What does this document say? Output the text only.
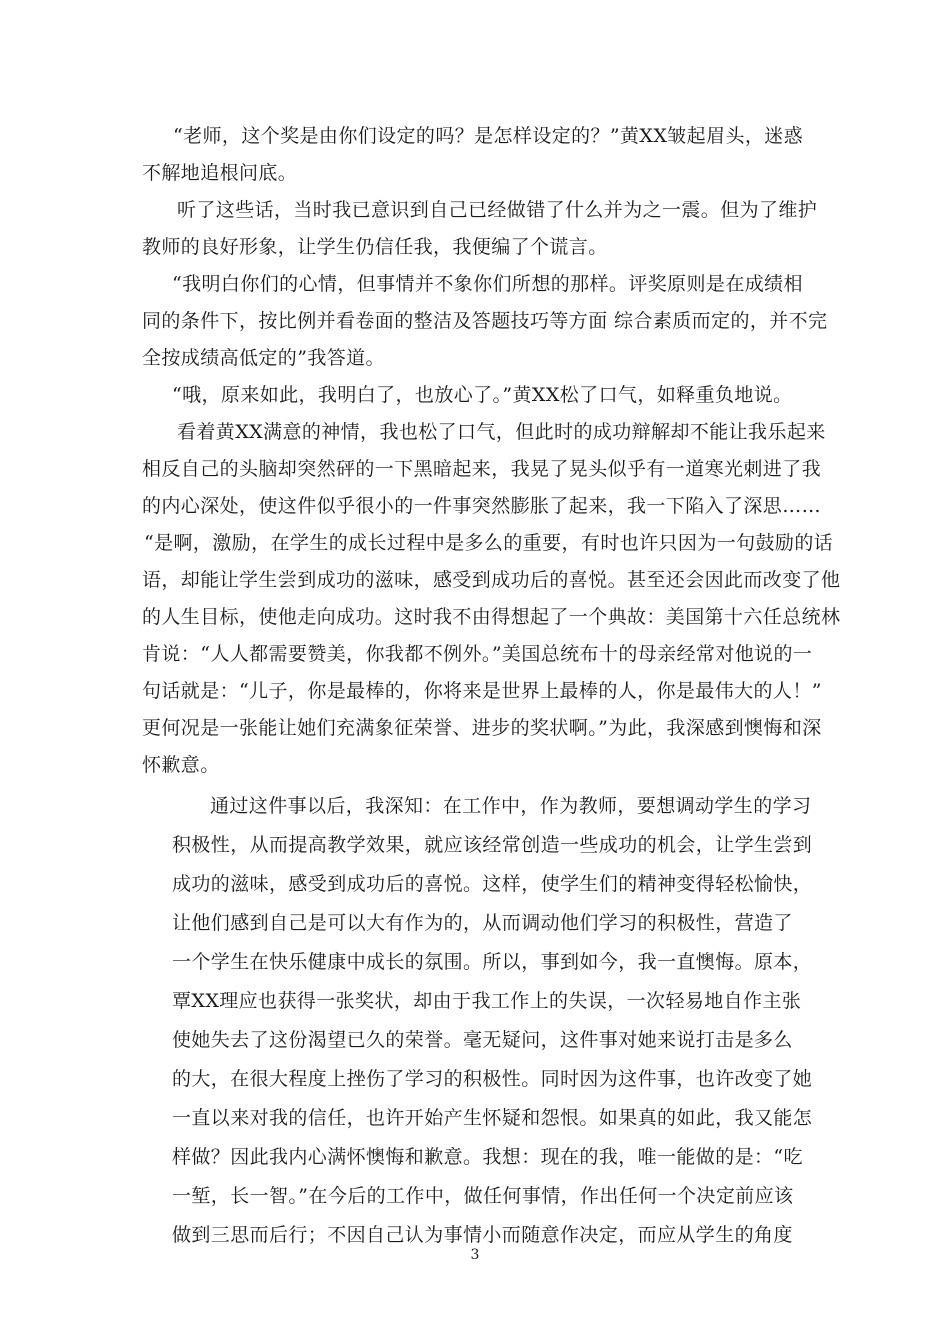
“老师，这个奖是由你们设定的吗？是怎样设定的？”黄XX皱起眉头，迷惑
不解地追根问底。
听了这些话，当时我已意识到自己已经做错了什么并为之一震。但为了维护
教师的良好形象，让学生仍信任我，我便编了个谎言。
“我明白你们的心情，但事情并不象你们所想的那样。评奖原则是在成绩相
同的条件下，按比例并看卷面的整洁及答题技巧等方面 综合素质而定的，并不完
全按成绩高低定的”我答道。
“哦，原来如此，我明白了，也放心了。”黄XX松了口气，如释重负地说。
看着黄XX满意的神情，我也松了口气，但此时的成功辩解却不能让我乐起来
相反自己的头脑却突然砰的一下黑暗起来，我晃了晃头似乎有一道寒光刺进了我
的内心深处，使这件似乎很小的一件事突然膨胀了起来，我一下陷入了深思……
“是啊，激励，在学生的成长过程中是多么的重要，有时也许只因为一句鼓励的话
语，却能让学生尝到成功的滋味，感受到成功后的喜悦。甚至还会因此而改变了他
的人生目标，使他走向成功。这时我不由得想起了一个典故：美国第十六任总统林
肯说：“人人都需要赞美，你我都不例外。”美国总统布十的母亲经常对他说的一
句话就是：“儿子，你是最棒的，你将来是世界上最棒的人，你是最伟大的人！”
更何况是一张能让她们充满象征荣誉、进步的奖状啊。”为此，我深感到懊悔和深
怀歉意。
通过这件事以后，我深知：在工作中，作为教师，要想调动学生的学习
积极性，从而提高教学效果，就应该经常创造一些成功的机会，让学生尝到
成功的滋味，感受到成功后的喜悦。这样，使学生们的精神变得轻松愉快，
让他们感到自己是可以大有作为的，从而调动他们学习的积极性，营造了
一个学生在快乐健康中成长的氛围。所以，事到如今，我一直懊悔。原本，
覃XX理应也获得一张奖状，却由于我工作上的失误，一次轻易地自作主张
使她失去了这份渴望已久的荣誉。毫无疑问，这件事对她来说打击是多么
的大，在很大程度上挫伤了学习的积极性。同时因为这件事，也许改变了她
一直以来对我的信任，也许开始产生怀疑和怨恨。如果真的如此，我又能怎
样做？因此我内心满怀懊悔和歉意。我想：现在的我，唯一能做的是：“吃
一堑，长一智。”在今后的工作中，做任何事情，作出任何一个决定前应该
做到三思而后行；不因自己认为事情小而随意作决定，而应从学生的角度
3
